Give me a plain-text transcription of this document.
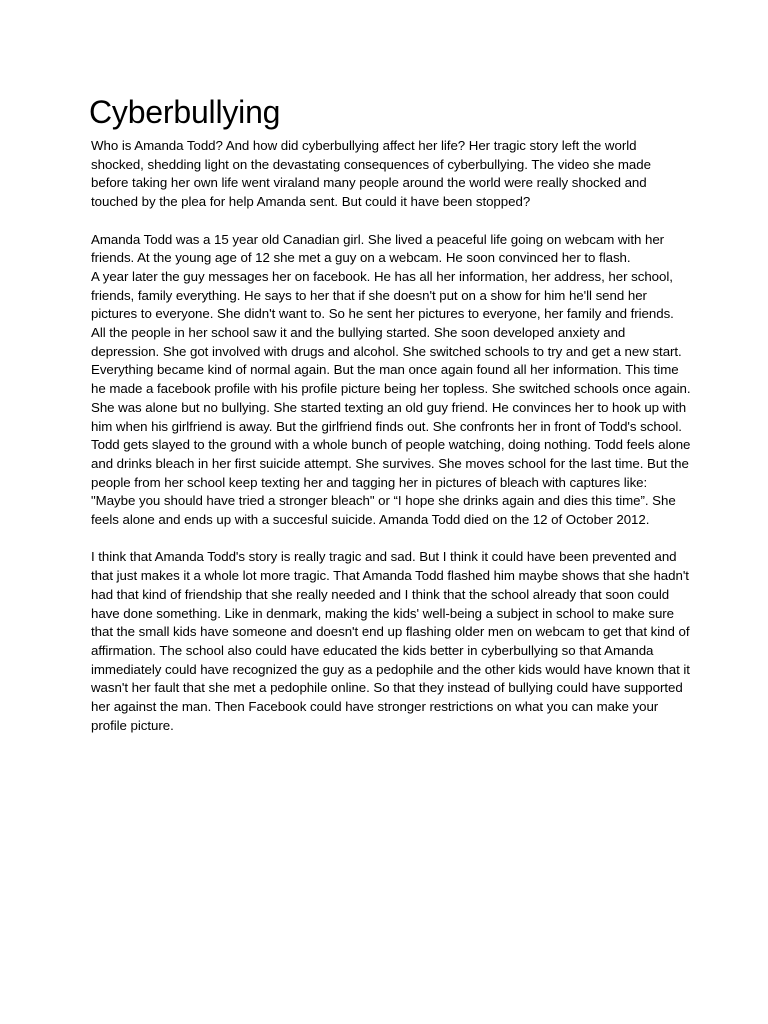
Cyberbullying

Who is Amanda Todd? And how did cyberbullying affect her life? Her tragic story left the world shocked, shedding light on the devastating consequences of cyberbullying. The video she made before taking her own life went viraland many people around the world were really shocked and touched by the plea for help Amanda sent. But could it have been stopped?

Amanda Todd was a 15 year old Canadian girl. She lived a peaceful life going on webcam with her friends. At the young age of 12 she met a guy on a webcam. He soon convinced her to flash.

A year later the guy messages her on facebook. He has all her information, her address, her school, friends, family everything. He says to her that if she doesn't put on a show for him he'll send her pictures to everyone. She didn't want to. So he sent her pictures to everyone, her family and friends. All the people in her school saw it and the bullying started. She soon developed anxiety and depression. She got involved with drugs and alcohol. She switched schools to try and get a new start. Everything became kind of normal again. But the man once again found all her information. This time he made a facebook profile with his profile picture being her topless. She switched schools once again. She was alone but no bullying. She started texting an old guy friend. He convinces her to hook up with him when his girlfriend is away. But the girlfriend finds out. She confronts her in front of Todd's school. Todd gets slayed to the ground with a whole bunch of people watching, doing nothing. Todd feels alone and drinks bleach in her first suicide attempt. She survives. She moves school for the last time. But the people from her school keep texting her and tagging her in pictures of bleach with captures like: "Maybe you should have tried a stronger bleach" or “I hope she drinks again and dies this time”. She feels alone and ends up with a succesful suicide. Amanda Todd died on the 12 of October 2012.

I think that Amanda Todd's story is really tragic and sad. But I think it could have been prevented and that just makes it a whole lot more tragic. That Amanda Todd flashed him maybe shows that she hadn't had that kind of friendship that she really needed and I think that the school already that soon could have done something. Like in denmark, making the kids' well-being a subject in school to make sure that the small kids have someone and doesn't end up flashing older men on webcam to get that kind of affirmation. The school also could have educated the kids better in cyberbullying so that Amanda immediately could have recognized the guy as a pedophile and the other kids would have known that it wasn't her fault that she met a pedophile online. So that they instead of bullying could have supported her against the man. Then Facebook could have stronger restrictions on what you can make your profile picture.
